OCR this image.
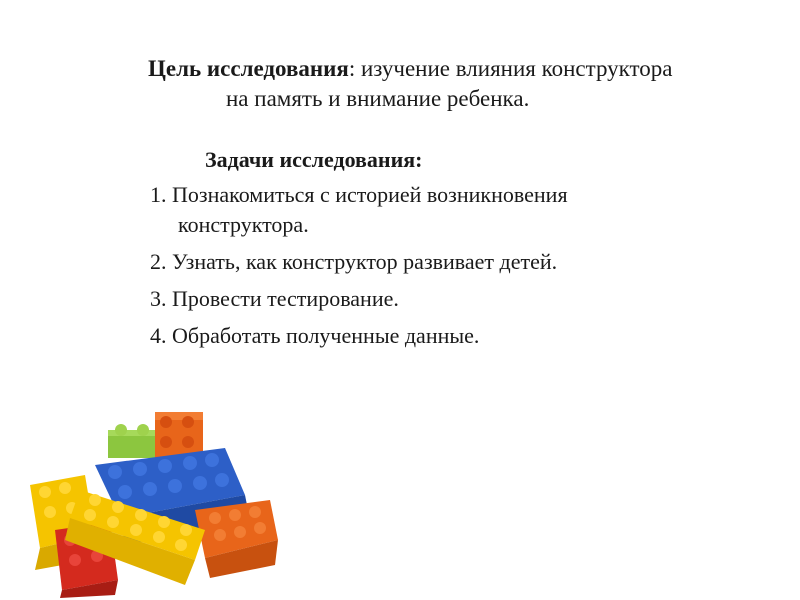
Цель исследования: изучение влияния конструктора
на память и внимание ребенка.
Задачи исследования:
1. Познакомиться с историей возникновения
конструктора.
2. Узнать, как конструктор развивает детей.
3. Провести тестирование.
4. Обработать полученные данные.
